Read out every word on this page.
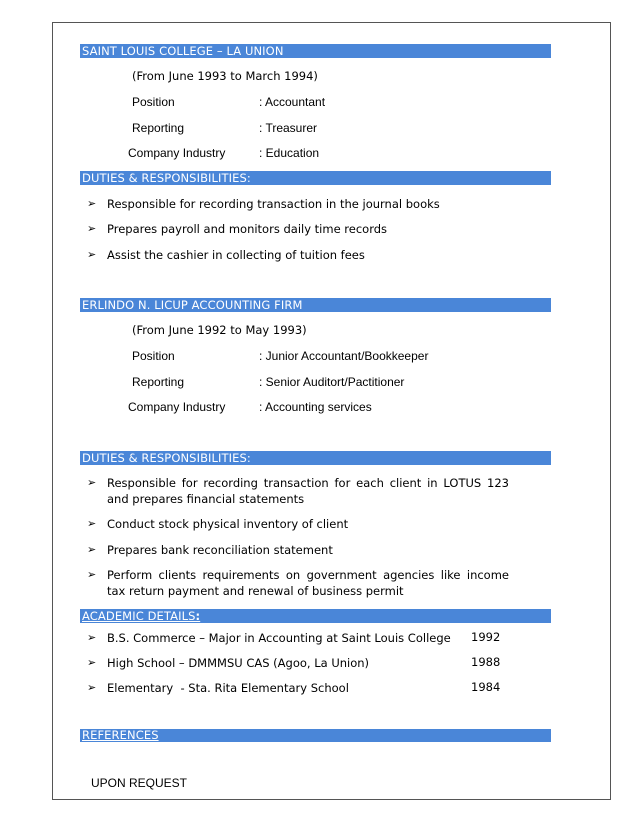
SAINT LOUIS COLLEGE – LA UNION
(From June 1993 to March 1994)
Position	: Accountant
Reporting	: Treasurer
Company Industry	: Education
DUTIES & RESPONSIBILITIES:
➢ Responsible for recording transaction in the journal books
➢ Prepares payroll and monitors daily time records
➢ Assist the cashier in collecting of tuition fees
ERLINDO N. LICUP ACCOUNTING FIRM
(From June 1992 to May 1993)
Position	: Junior Accountant/Bookkeeper
Reporting	: Senior Auditort/Pactitioner
Company Industry	: Accounting services
DUTIES & RESPONSIBILITIES:
➢ Responsible for recording transaction for each client in LOTUS 123 and prepares financial statements
➢ Conduct stock physical inventory of client
➢ Prepares bank reconciliation statement
➢ Perform clients requirements on government agencies like income tax return payment and renewal of business permit
ACADEMIC DETAILS:
➢ B.S. Commerce – Major in Accounting at Saint Louis College	1992
➢ High School – DMMMSU CAS (Agoo, La Union)	1988
➢ Elementary  - Sta. Rita Elementary School	1984
REFERENCES
UPON REQUEST
